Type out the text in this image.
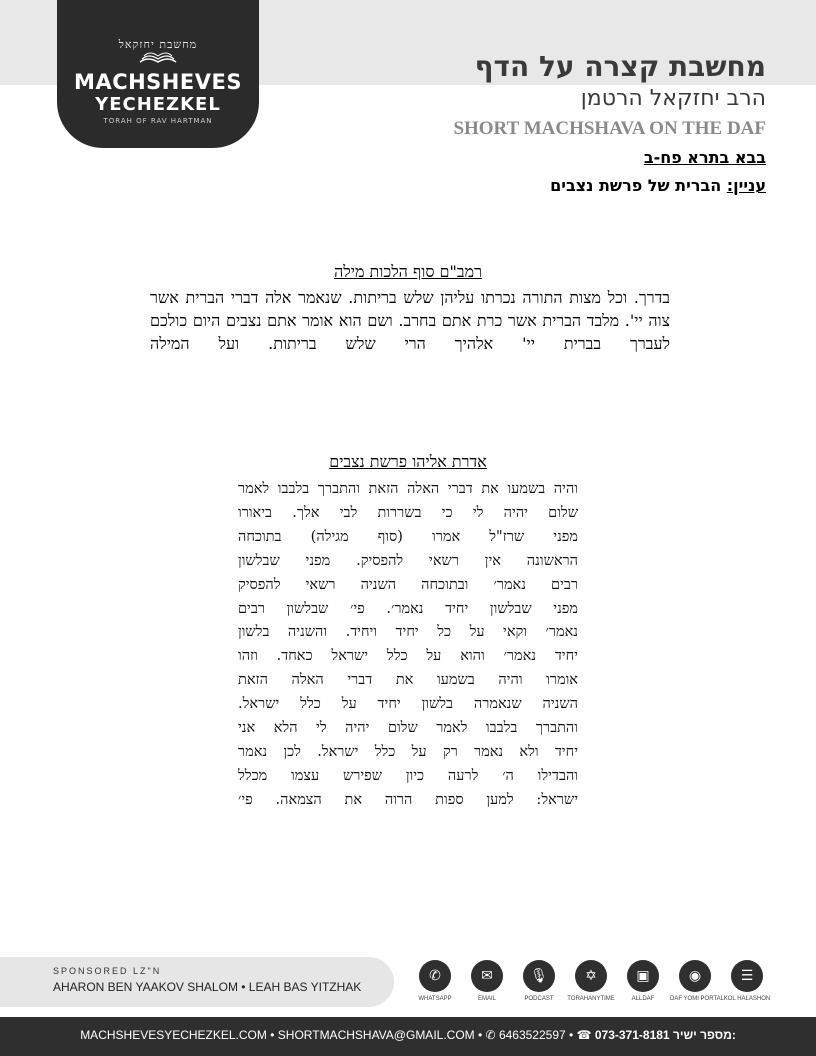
מחשבת יחזקאל
MACHSHEVES
YECHEZKEL
TORAH OF RAV HARTMAN
מחשבת קצרה על הדף
הרב יחזקאל הרטמן
SHORT MACHSHAVA ON THE DAF
בבא בתרא פח-ב
עניין: הברית של פרשת נצבים
רמב"ם סוף הלכות מילה
בדרך. וכל מצות התורה נכרתו עליהן שלש בריתות. שנאמר אלה דברי הברית אשר צוה יי'. מלבד הברית אשר כרת אתם בחרב. ושם הוא אומר אתם נצבים היום כולכם לעברך בברית יי' אלהיך הרי שלש בריתות. ועל המילה
אדרת אליהו פרשת נצבים
והיה בשמעו את דברי האלה הזאת והתברך בלבבו לאמר
שלום יהיה לי כי בשררות לבי אלך. ביאורו
מפני שרז"ל אמרו (סוף מגילה) בתוכחה
הראשונה אין רשאי להפסיק. מפני שבלשון
רבים נאמר׳ ובתוכחה השניה רשאי להפסיק
מפני שבלשון יחיד נאמר׳. פי׳ שבלשון רבים
נאמר׳ וקאי על כל יחיד ויחיד. והשניה בלשון
יחיד נאמר׳ והוא על כלל ישראל כאחד. וזהו
אומרו והיה בשמעו את דברי האלה הזאת
השניה שנאמרה בלשון יחיד על כלל ישראל.
והתברך בלבבו לאמר שלום יהיה לי הלא אני
יחיד ולא נאמר רק על כלל ישראל. לכן נאמר
והבדילו ה׳ לרעה כיון שפירש עצמו מכלל
ישראל: למען ספות הרוה את הצמאה. פי׳
SPONSORED LZ"N
AHARON BEN YAAKOV SHALOM • LEAH BAS YITZHAK
✆
WHATSAPP
✉
EMAIL
🎙
PODCAST
✡
TORAHANYTIME
▣
ALLDAF
◉
DAF YOMI PORTAL
☰
KOL HALASHON
MACHSHEVESYECHEZKEL.COM • SHORTMACHSHAVA@GMAIL.COM • ✆ 6463522597 • ☎ 073-371-8181 מספר ישיר:
